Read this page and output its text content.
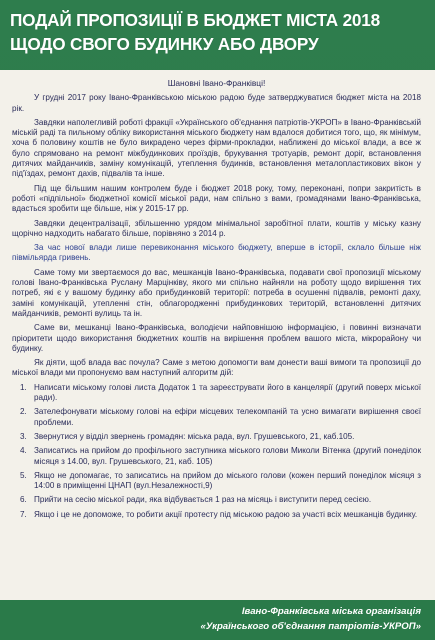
ПОДАЙ ПРОПОЗИЦІЇ В БЮДЖЕТ МІСТА 2018
ЩОДО СВОГО БУДИНКУ АБО ДВОРУ
Шановні Івано-Франківці!
У грудні 2017 року Івано-Франківською міською радою буде затверджуватися бюджет міста на 2018 рік.
Завдяки наполегливій роботі фракції «Українського об'єднання патріотів-УКРОП» в Івано-Франківській міській раді та пильному обліку використання міського бюджету нам вдалося добитися того, що, як мінімум, хоча б половину коштів не було викрадено через фірми-прокладки, наближені до міської влади, а все ж було спрямовано на ремонт міжбудинкових проїздів, брукування тротуарів, ремонт доріг, встановлення дитячих майданчиків, заміну комунікацій, утеплення будинків, встановлення металопластикових вікон у під'їздах, ремонт дахів, підвалів та інше.
Під ще більшим нашим контролем буде і бюджет 2018 року, тому, переконані, попри закритість в роботі «підпільної» бюджетної комісії міської ради, нам спільно з вами, громадянами Івано-Франківська, вдасться зробити ще більше, ніж у 2015-17 рр.
Завдяки децентралізації, збільшенню урядом мінімальної заробітної плати, коштів у міську казну щорічно надходить набагато більше, порівняно з 2014 р.
За час нової влади лише перевиконання міського бюджету, вперше в історії, склало більше ніж півмільярда гривень.
Саме тому ми звертаємося до вас, мешканців Івано-Франківська, подавати свої пропозиції міському голові Івано-Франківська Руслану Марцінківу, якого ми спільно найняли на роботу щодо вирішення тих потреб, які є у вашому будинку або прибудинковій території: потреба в осушенні підвалів, ремонті даху, заміні комунікацій, утепленні стін, облагородженні прибудинкових територій, встановленні дитячих майданчиків, ремонті вулиць та ін.
Саме ви, мешканці Івано-Франківська, володієчи найповнішою інформацією, і повинні визначати пріоритети щодо використання бюджетних коштів на вирішення проблем вашого міста, мікрорайону чи будинку.
Як діяти, щоб влада вас почула? Саме з метою допомогти вам донести ваші вимоги та пропозиції до міської влади ми пропонуємо вам наступний алгоритм дій:
1. Написати міському голові листа Додаток 1 та зареєструвати його в канцелярії (другий поверх міської ради).
2. Зателефонувати міському голові на ефіри місцевих телекомпаній та усно вимагати вирішення своєї проблеми.
3. Звернутися у відділ звернень громадян: міська рада, вул. Грушевського, 21, каб.105.
4. Записатись на прийом до профільного заступника міського голови Миколи Вітенка (другий понеділок місяця з 14.00, вул. Грушевського, 21, каб. 105)
5. Якщо не допомагає, то записатись на прийом до міського голови (кожен перший понеділок місяця з 14:00 в приміщенні ЦНАП (вул.Незалежності,9)
6. Прийти на сесію міської ради, яка відбувається 1 раз на місяць і виступити перед сесією.
7. Якщо і це не допоможе, то робити акції протесту під міською радою за участі всіх мешканців будинку.
Івано-Франківська міська організація
«Українського об'єднання патріотів-УКРОП»
